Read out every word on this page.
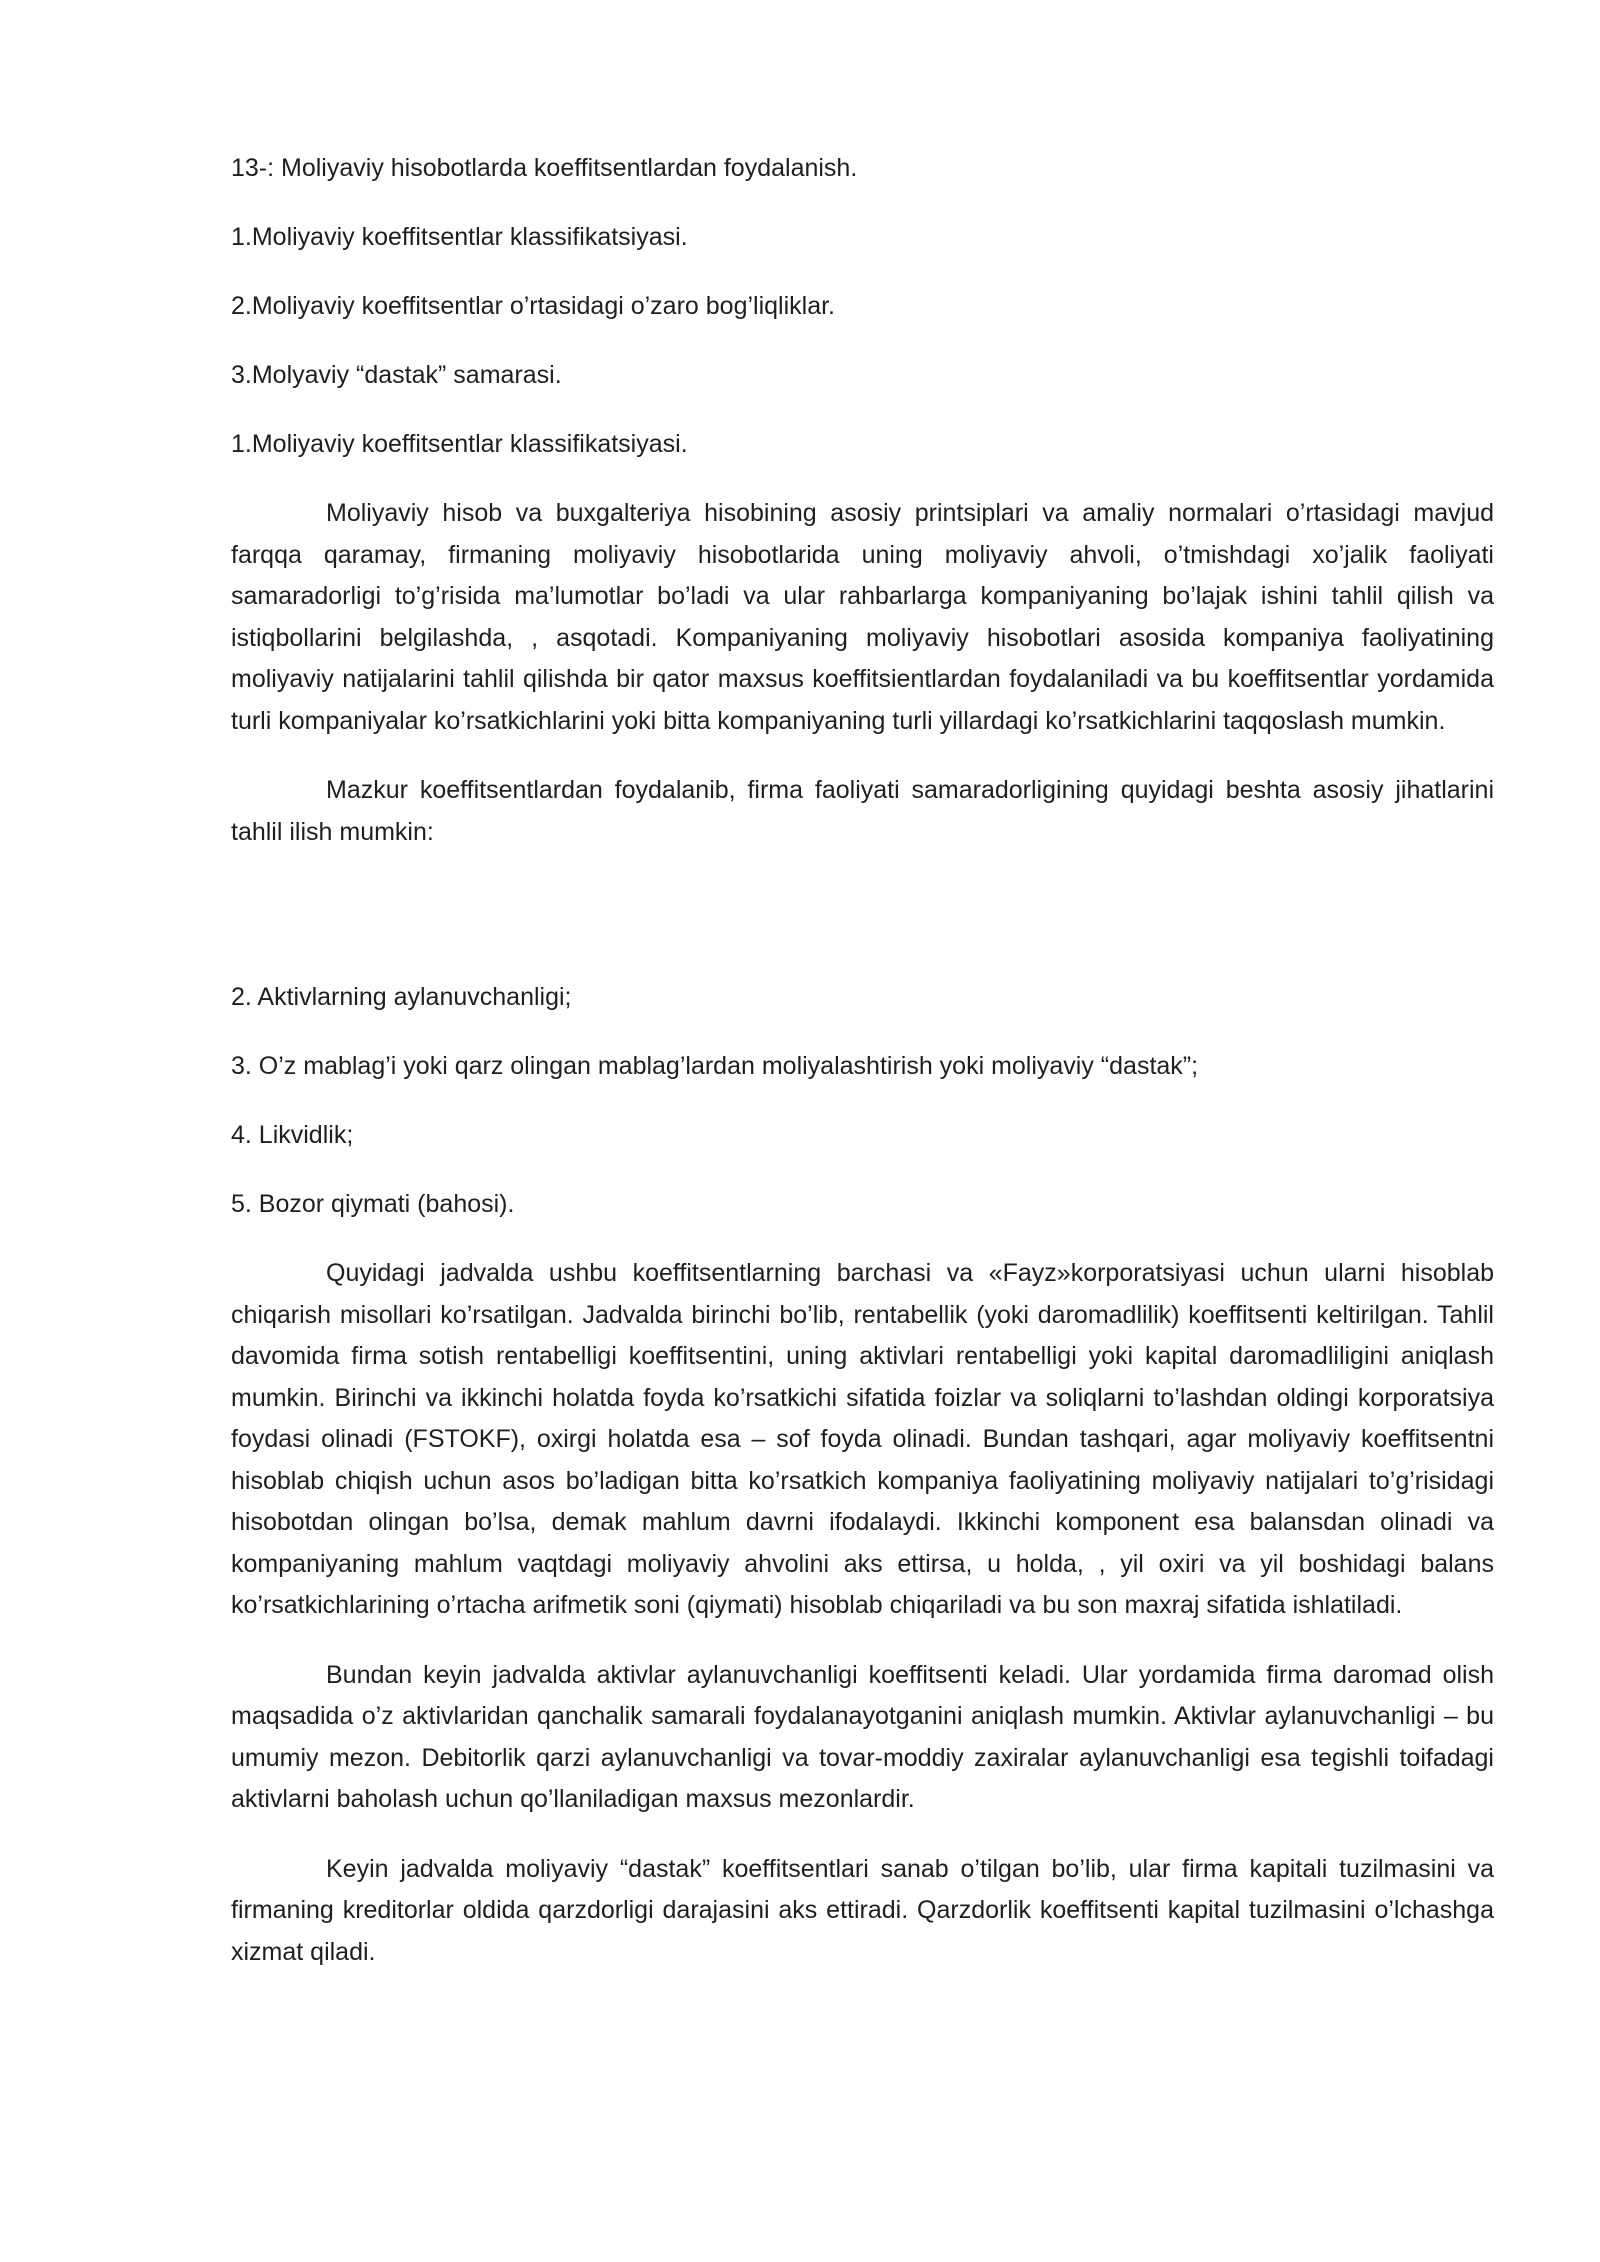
13-: Moliyaviy hisobotlarda koeffitsentlardan foydalanish.
1.Moliyaviy koeffitsentlar klassifikatsiyasi.
2.Moliyaviy koeffitsentlar o’rtasidagi o’zaro bog’liqliklar.
3.Molyaviy “dastak” samarasi.
1.Moliyaviy koeffitsentlar klassifikatsiyasi.

Moliyaviy hisob va buxgalteriya hisobining asosiy printsiplari va amaliy normalari o’rtasidagi mavjud farqqa qaramay, firmaning moliyaviy hisobotlarida uning moliyaviy ahvoli, o’tmishdagi xo’jalik faoliyati samaradorligi to’g’risida ma’lumotlar bo’ladi va ular rahbarlarga kompaniyaning bo’lajak ishini tahlil qilish va istiqbollarini belgilashda, , asqotadi. Kompaniyaning moliyaviy hisobotlari asosida kompaniya faoliyatining moliyaviy natijalarini tahlil qilishda bir qator maxsus koeffitsientlardan foydalaniladi va bu koeffitsentlar yordamida turli kompaniyalar ko’rsatkichlarini yoki bitta kompaniyaning turli yillardagi ko’rsatkichlarini taqqoslash mumkin.

Mazkur koeffitsentlardan foydalanib, firma faoliyati samaradorligining quyidagi beshta asosiy jihatlarini tahlil ilish mumkin:

2. Aktivlarning aylanuvchanligi;
3. O’z mablag’i yoki qarz olingan mablag’lardan moliyalashtirish yoki moliyaviy “dastak”;
4. Likvidlik;
5. Bozor qiymati (bahosi).

Quyidagi jadvalda ushbu koeffitsentlarning barchasi va «Fayz»korporatsiyasi uchun ularni hisoblab chiqarish misollari ko’rsatilgan. Jadvalda birinchi bo’lib, rentabellik (yoki daromadlilik) koeffitsenti keltirilgan. Tahlil davomida firma sotish rentabelligi koeffitsentini, uning aktivlari rentabelligi yoki kapital daromadliligini aniqlash mumkin. Birinchi va ikkinchi holatda foyda ko’rsatkichi sifatida foizlar va soliqlarni to’lashdan oldingi korporatsiya foydasi olinadi (FSTOKF), oxirgi holatda esa – sof foyda olinadi. Bundan tashqari, agar moliyaviy koeffitsentni hisoblab chiqish uchun asos bo’ladigan bitta ko’rsatkich kompaniya faoliyatining moliyaviy natijalari to’g’risidagi hisobotdan olingan bo’lsa, demak mahlum davrni ifodalaydi. Ikkinchi komponent esa balansdan olinadi va kompaniyaning mahlum vaqtdagi moliyaviy ahvolini aks ettirsa, u holda, , yil oxiri va yil boshidagi balans ko’rsatkichlarining o’rtacha arifmetik soni (qiymati) hisoblab chiqariladi va bu son maxraj sifatida ishlatiladi.

Bundan keyin jadvalda aktivlar aylanuvchanligi koeffitsenti keladi. Ular yordamida firma daromad olish maqsadida o’z aktivlaridan qanchalik samarali foydalanayotganini aniqlash mumkin. Aktivlar aylanuvchanligi – bu umumiy mezon. Debitorlik qarzi aylanuvchanligi va tovar-moddiy zaxiralar aylanuvchanligi esa tegishli toifadagi aktivlarni baholash uchun qo’llaniladigan maxsus mezonlardir.

Keyin jadvalda moliyaviy “dastak” koeffitsentlari sanab o’tilgan bo’lib, ular firma kapitali tuzilmasini va firmaning kreditorlar oldida qarzdorligi darajasini aks ettiradi. Qarzdorlik koeffitsenti kapital tuzilmasini o’lchashga xizmat qiladi.
